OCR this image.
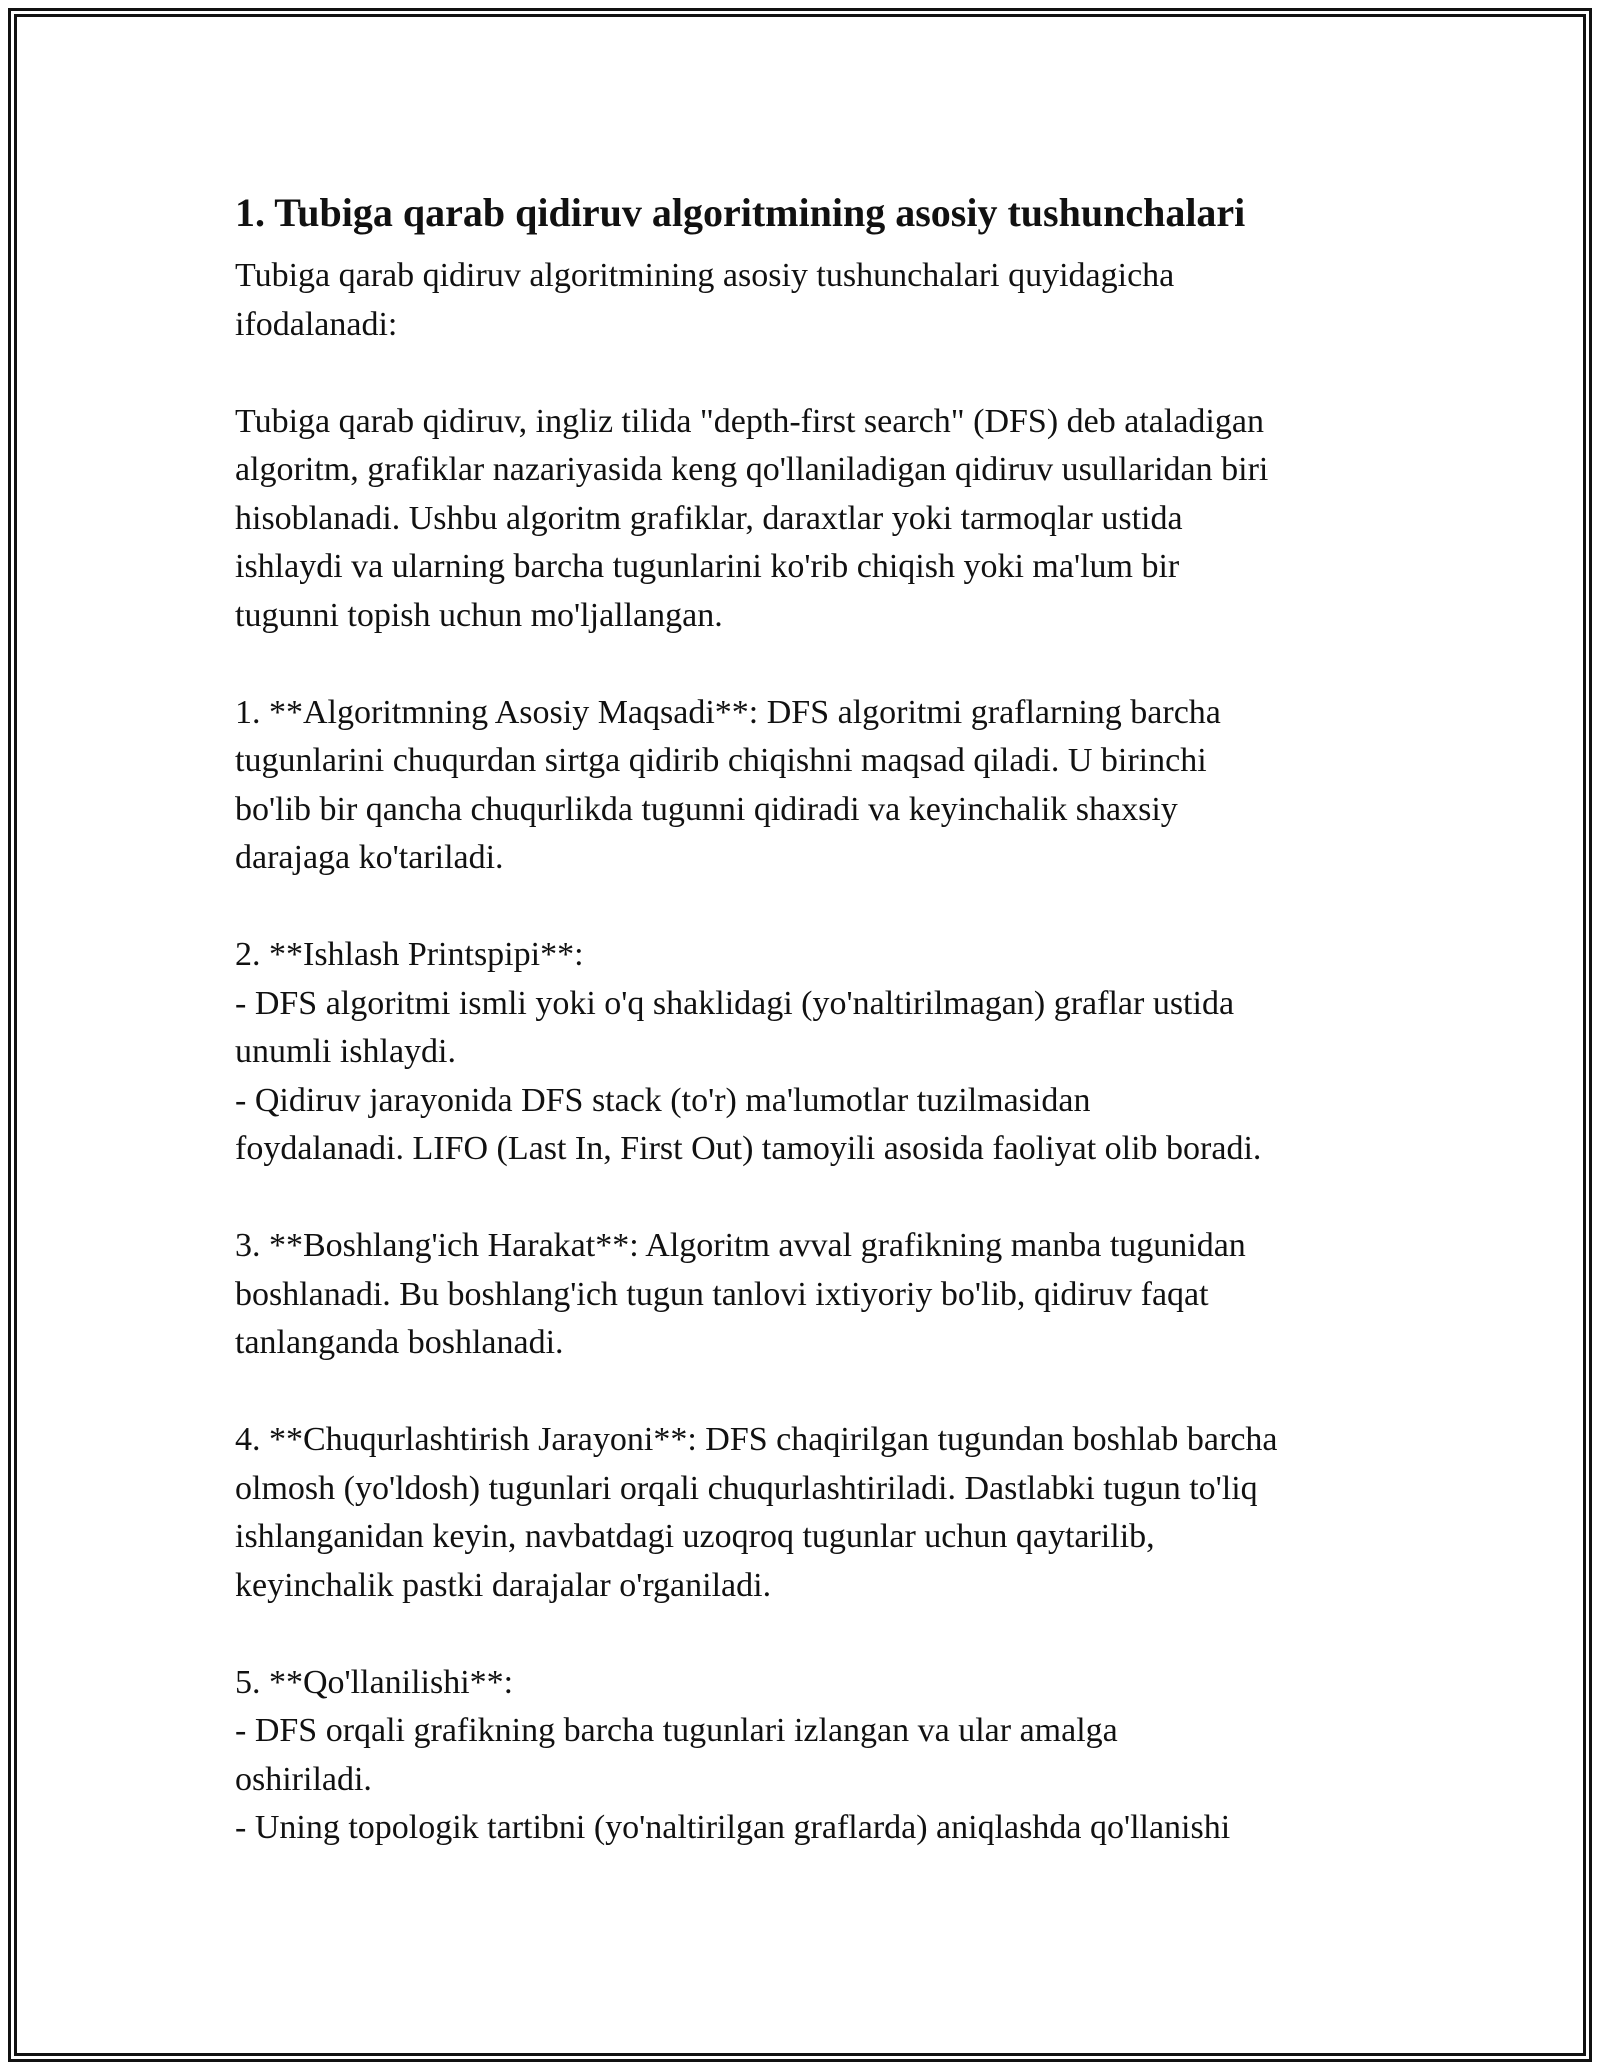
1. Tubiga qarab qidiruv algoritmining asosiy tushunchalari

Tubiga qarab qidiruv algoritmining asosiy tushunchalari quyidagicha
ifodalanadi:

Tubiga qarab qidiruv, ingliz tilida "depth-first search" (DFS) deb ataladigan
algoritm, grafiklar nazariyasida keng qo'llaniladigan qidiruv usullaridan biri
hisoblanadi. Ushbu algoritm grafiklar, daraxtlar yoki tarmoqlar ustida
ishlaydi va ularning barcha tugunlarini ko'rib chiqish yoki ma'lum bir
tugunni topish uchun mo'ljallangan.

1. **Algoritmning Asosiy Maqsadi**: DFS algoritmi graflarning barcha
tugunlarini chuqurdan sirtga qidirib chiqishni maqsad qiladi. U birinchi
bo'lib bir qancha chuqurlikda tugunni qidiradi va keyinchalik shaxsiy
darajaga ko'tariladi.

2. **Ishlash Printspipi**:
- DFS algoritmi ismli yoki o'q shaklidagi (yo'naltirilmagan) graflar ustida
unumli ishlaydi.
- Qidiruv jarayonida DFS stack (to'r) ma'lumotlar tuzilmasidan
foydalanadi. LIFO (Last In, First Out) tamoyili asosida faoliyat olib boradi.

3. **Boshlang'ich Harakat**: Algoritm avval grafikning manba tugunidan
boshlanadi. Bu boshlang'ich tugun tanlovi ixtiyoriy bo'lib, qidiruv faqat
tanlanganda boshlanadi.

4. **Chuqurlashtirish Jarayoni**: DFS chaqirilgan tugundan boshlab barcha
olmosh (yo'ldosh) tugunlari orqali chuqurlashtiriladi. Dastlabki tugun to'liq
ishlanganidan keyin, navbatdagi uzoqroq tugunlar uchun qaytarilib,
keyinchalik pastki darajalar o'rganiladi.

5. **Qo'llanilishi**:
- DFS orqali grafikning barcha tugunlari izlangan va ular amalga
oshiriladi.
- Uning topologik tartibni (yo'naltirilgan graflarda) aniqlashda qo'llanishi
